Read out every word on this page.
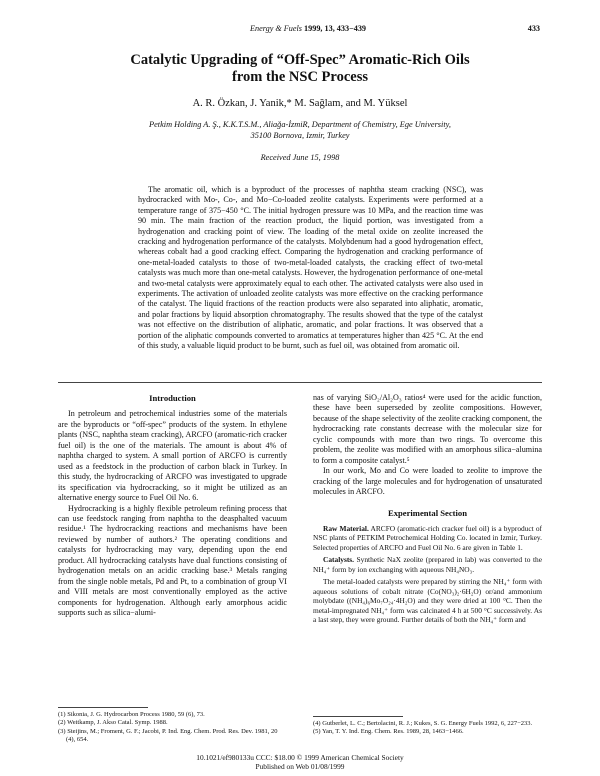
Energy & Fuels 1999, 13, 433−439	433
Catalytic Upgrading of “Off-Spec” Aromatic-Rich Oils
from the NSC Process
A. R. Özkan, J. Yanik,* M. Sağlam, and M. Yüksel
Petkim Holding A. Ş., K.K.T.S.M., Aliağa-İzmiR, Department of Chemistry, Ege University,
35100 Bornova, Izmir, Turkey
Received June 15, 1998

The aromatic oil, which is a byproduct of the processes of naphtha steam cracking (NSC), was hydrocracked with Mo-, Co-, and Mo−Co-loaded zeolite catalysts. Experiments were performed at a temperature range of 375−450 °C. The initial hydrogen pressure was 10 MPa, and the reaction time was 90 min. The main fraction of the reaction product, the liquid portion, was investigated from a hydrogenation and cracking point of view. The loading of the metal oxide on zeolite increased the cracking and hydrogenation performance of the catalysts. Molybdenum had a good hydrogenation effect, whereas cobalt had a good cracking effect. Comparing the hydrogenation and cracking performance of one-metal-loaded catalysts to those of two-metal-loaded catalysts, the cracking effect of two-metal catalysts was much more than one-metal catalysts. However, the hydrogenation performance of one-metal and two-metal catalysts were approximately equal to each other. The activated catalysts were also used in experiments. The activation of unloaded zeolite catalysts was more effective on the cracking performance of the catalyst. The liquid fractions of the reaction products were also separated into aliphatic, aromatic, and polar fractions by liquid absorption chromatography. The results showed that the type of the catalyst was not effective on the distribution of aliphatic, aromatic, and polar fractions. It was observed that a portion of the aliphatic compounds converted to aromatics at temperatures higher than 425 °C. At the end of this study, a valuable liquid product to be burnt, such as fuel oil, was obtained from aromatic oil.

Introduction

In petroleum and petrochemical industries some of the materials are the byproducts or “off-spec” products of the system. In ethylene plants (NSC, naphtha steam cracking), ARCFO (aromatic-rich cracker fuel oil) is the one of the materials. The amount is about 4% of naphtha charged to system. A small portion of ARCFO is currently used as a feedstock in the production of carbon black in Turkey. In this study, the hydrocracking of ARCFO was investigated to upgrade its specification via hydrocracking, so it might be utilized as an alternative energy source to Fuel Oil No. 6.

Hydrocracking is a highly flexible petroleum refining process that can use feedstock ranging from naphtha to the deasphalted vacuum residue.¹ The hydrocracking reactions and mechanisms have been reviewed by number of authors.² The operating conditions and catalysts for hydrocracking may vary, depending upon the end product. All hydrocracking catalysts have dual functions consisting of hydrogenation metals on an acidic cracking base.³ Metals ranging from the single noble metals, Pd and Pt, to a combination of group VI and VIII metals are most conventionally employed as the active components for hydrogenation. Although early amorphous acidic supports such as silica−alumi-

(1) Sikonia, J. G. Hydrocarbon Process 1980, 59 (6), 73.
(2) Weitkamp, J. Akso Catal. Symp. 1988.
(3) Steijins, M.; Froment, G. F.; Jacobi, P. Ind. Eng. Chem. Prod. Res. Dev. 1981, 20 (4), 654.

nas of varying SiO₂/Al₂O₃ ratios⁴ were used for the acidic function, these have been superseded by zeolite compositions. However, because of the shape selectivity of the zeolite cracking component, the hydrocracking rate constants decrease with the molecular size for cyclic compounds with more than two rings. To overcome this problem, the zeolite was modified with an amorphous silica−alumina to form a composite catalyst.⁵

In our work, Mo and Co were loaded to zeolite to improve the cracking of the large molecules and for hydrogenation of unsaturated molecules in ARCFO.

Experimental Section

Raw Material. ARCFO (aromatic-rich cracker fuel oil) is a byproduct of NSC plants of PETKIM Petrochemical Holding Co. located in Izmir, Turkey. Selected properties of ARCFO and Fuel Oil No. 6 are given in Table 1.

Catalysts. Synthetic NaX zeolite (prepared in lab) was converted to the NH₄⁺ form by ion exchanging with aqueous NH₄NO₃.

The metal-loaded catalysts were prepared by stirring the NH₄⁺ form with aqueous solutions of cobalt nitrate (Co(NO₃)₂·6H₂O) or/and ammonium molybdate ((NH₄)₆Mo₇O₂₄·4H₂O) and they were dried at 100 °C. Then the metal-impregnated NH₄⁺ form was calcinated 4 h at 500 °C successively. As a last step, they were ground. Further details of both the NH₄⁺ form and

(4) Gutberlet, L. C.; Bertolacini, R. J.; Kukes, S. G. Energy Fuels 1992, 6, 227−233.
(5) Yan, T. Y. Ind. Eng. Chem. Res. 1989, 28, 1463−1466.
10.1021/ef980133u CCC: $18.00 © 1999 American Chemical Society
Published on Web 01/08/1999
